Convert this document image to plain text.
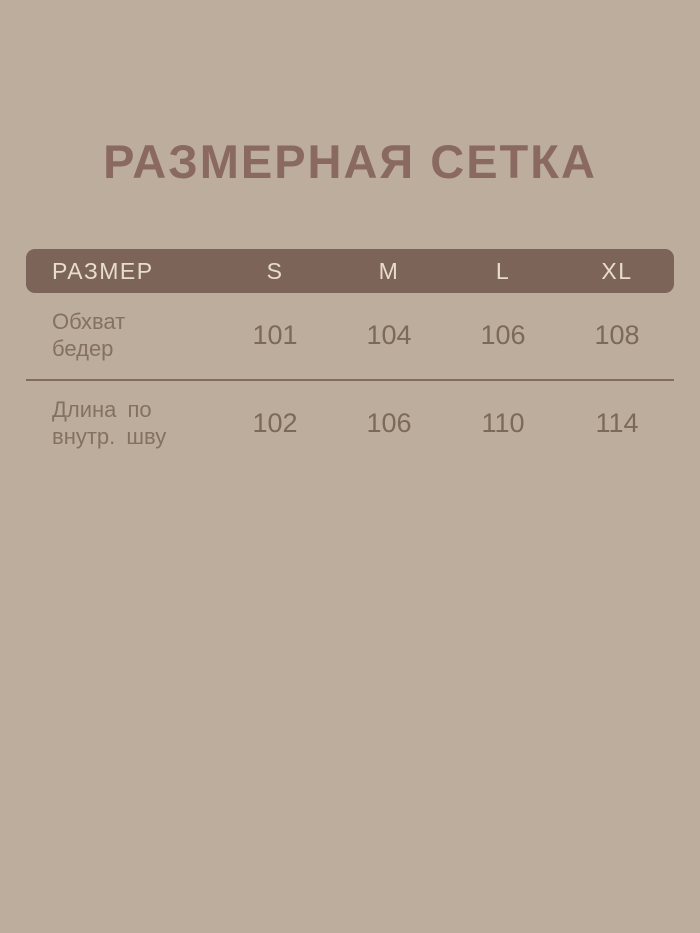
РАЗМЕРНАЯ СЕТКА
РАЗМЕР	S	M	L	XL
Обхват
бедер	101	104	106	108
Длина по
внутр. шву	102	106	110	114
